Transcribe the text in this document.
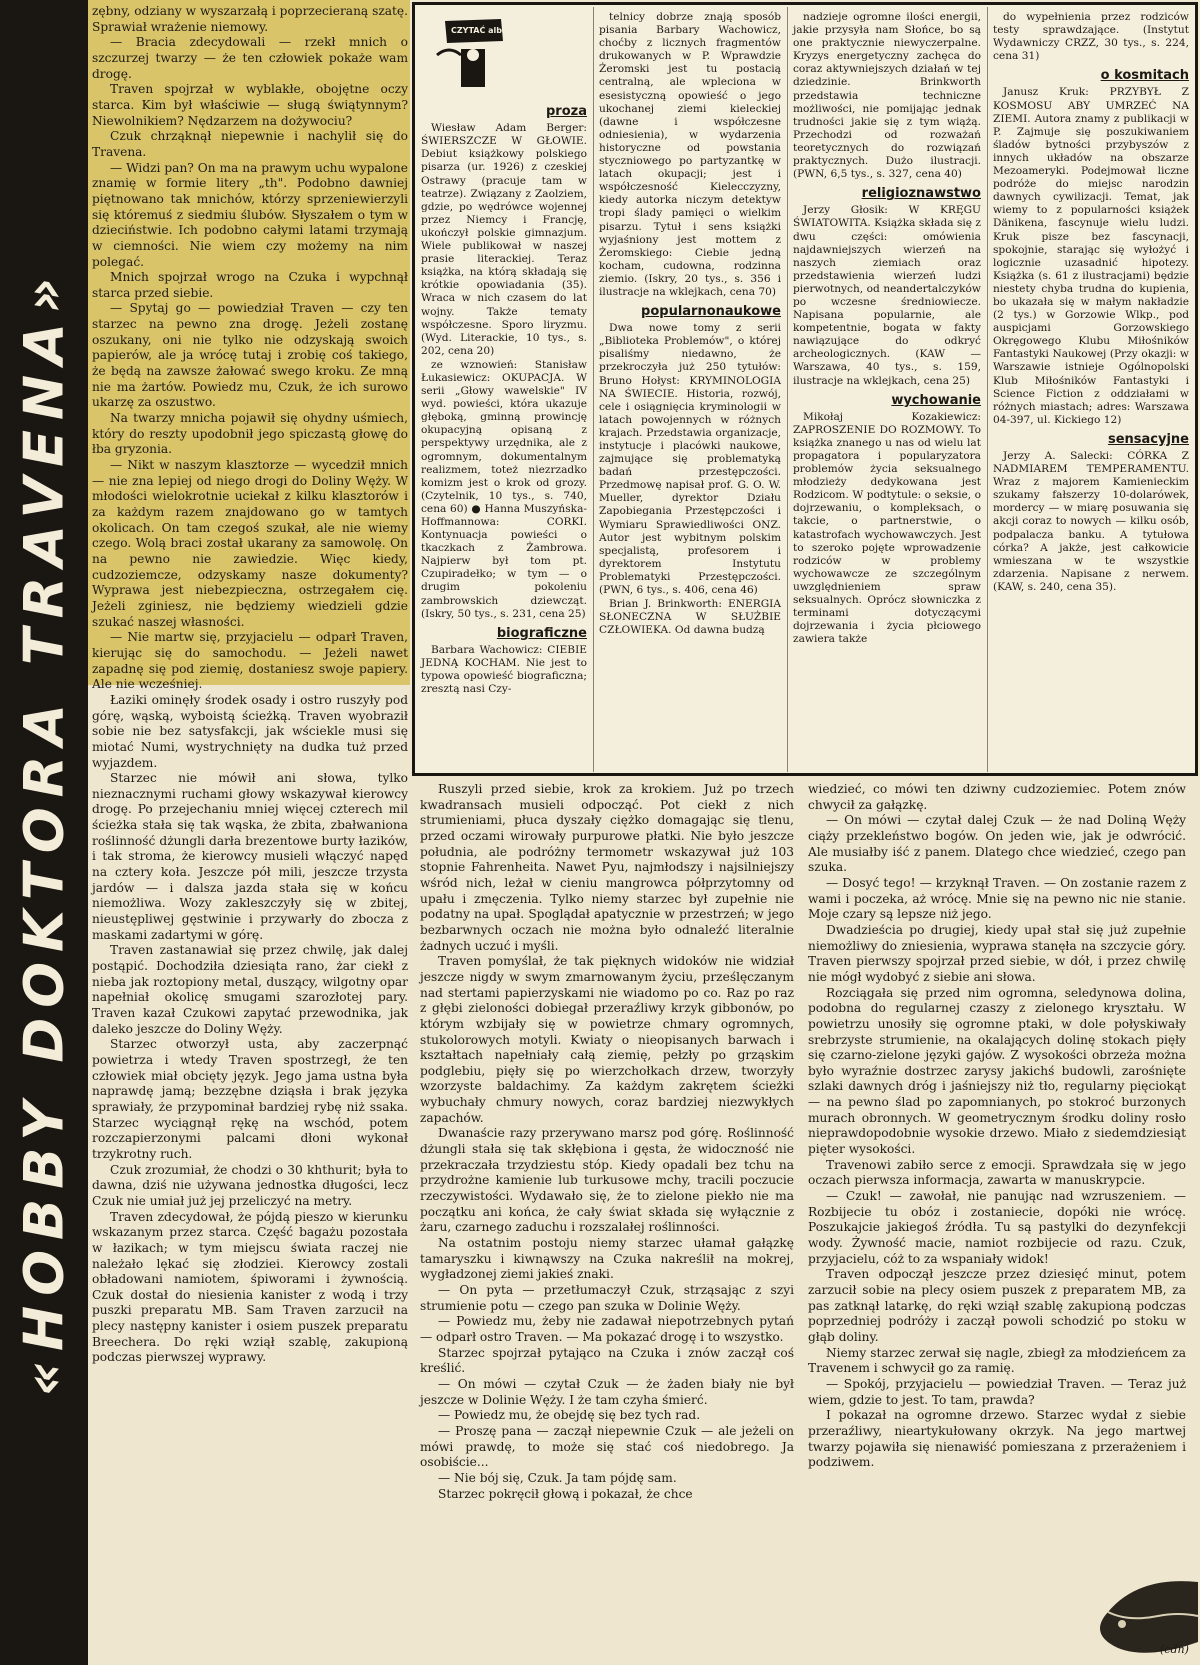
«HOBBY DOKTORA TRAVENA»

zębny, odziany w wyszarzałą i poprzecieraną szatę. Sprawiał wrażenie niemowy.

— Bracia zdecydowali — rzekł mnich o szczurzej twarzy — że ten człowiek pokaże wam drogę.

Traven spojrzał w wyblakłe, obojętne oczy starca. Kim był właściwie — sługą świątynnym? Niewolnikiem? Nędzarzem na dożywociu?

Czuk chrząknął niepewnie i nachylił się do Travena.

— Widzi pan? On ma na prawym uchu wypalone znamię w formie litery „th". Podobno dawniej piętnowano tak mnichów, którzy sprzeniewierzyli się któremuś z siedmiu ślubów. Słyszałem o tym w dzieciństwie. Ich podobno całymi latami trzymają w ciemności. Nie wiem czy możemy na nim polegać.

Mnich spojrzał wrogo na Czuka i wypchnął starca przed siebie.

— Spytaj go — powiedział Traven — czy ten starzec na pewno zna drogę. Jeżeli zostanę oszukany, oni nie tylko nie odzyskają swoich papierów, ale ja wrócę tutaj i zrobię coś takiego, że będą na zawsze żałować swego kroku. Ze mną nie ma żartów. Powiedz mu, Czuk, że ich surowo ukarzę za oszustwo.

Na twarzy mnicha pojawił się ohydny uśmiech, który do reszty upodobnił jego spiczastą głowę do łba gryzonia.

— Nikt w naszym klasztorze — wycedził mnich — nie zna lepiej od niego drogi do Doliny Węży. W młodości wielokrotnie uciekał z kilku klasztorów i za każdym razem znajdowano go w tamtych okolicach. On tam czegoś szukał, ale nie wiemy czego. Wolą braci został ukarany za samowolę. On na pewno nie zawiedzie. Więc kiedy, cudzoziemcze, odzyskamy nasze dokumenty? Wyprawa jest niebezpieczna, ostrzegałem cię. Jeżeli zginiesz, nie będziemy wiedzieli gdzie szukać naszej własności.

— Nie martw się, przyjacielu — odparł Traven, kierując się do samochodu. — Jeżeli nawet zapadnę się pod ziemię, dostaniesz swoje papiery. Ale nie wcześniej.

Łaziki ominęły środek osady i ostro ruszyły pod górę, wąską, wyboistą ścieżką. Traven wyobraził sobie nie bez satysfakcji, jak wściekle musi się miotać Numi, wystrychnięty na dudka tuż przed wyjazdem.

Starzec nie mówił ani słowa, tylko nieznacznymi ruchami głowy wskazywał kierowcy drogę. Po przejechaniu mniej więcej czterech mil ścieżka stała się tak wąska, że zbita, zbałwaniona roślinność dżungli darła brezentowe burty łazików, i tak stroma, że kierowcy musieli włączyć napęd na cztery koła. Jeszcze pół mili, jeszcze trzysta jardów — i dalsza jazda stała się w końcu niemożliwa. Wozy zakleszczyły się w zbitej, nieustępliwej gęstwinie i przywarły do zbocza z maskami zadartymi w górę.

Traven zastanawiał się przez chwilę, jak dalej postąpić. Dochodziła dziesiąta rano, żar ciekł z nieba jak roztopiony metal, duszący, wilgotny opar napełniał okolicę smugami szarozłotej pary. Traven kazał Czukowi zapytać przewodnika, jak daleko jeszcze do Doliny Węży.

Starzec otworzył usta, aby zaczerpnąć powietrza i wtedy Traven spostrzegł, że ten człowiek miał obcięty język. Jego jama ustna była naprawdę jamą; bezzębne dziąsła i brak języka sprawiały, że przypominał bardziej rybę niż ssaka. Starzec wyciągnął rękę na wschód, potem rozczapierzonymi palcami dłoni wykonał trzykrotny ruch.

Czuk zrozumiał, że chodzi o 30 khthurit; była to dawna, dziś nie używana jednostka długości, lecz Czuk nie umiał już jej przeliczyć na metry.

Traven zdecydował, że pójdą pieszo w kierunku wskazanym przez starca. Część bagażu pozostała w łazikach; w tym miejscu świata raczej nie należało lękać się złodziei. Kierowcy zostali obładowani namiotem, śpiworami i żywnością. Czuk dostał do niesienia kanister z wodą i trzy puszki preparatu MB. Sam Traven zarzucił na plecy następny kanister i osiem puszek preparatu Breechera. Do ręki wziął szablę, zakupioną podczas pierwszej wyprawy.

CZYTAĆ albo NIE CZYTAĆ
proza

Wiesław Adam Berger: ŚWIERSZCZE W GŁOWIE. Debiut książkowy polskiego pisarza (ur. 1926) z czeskiej Ostrawy (pracuje tam w teatrze). Związany z Zaolziem, gdzie, po wędrówce wojennej przez Niemcy i Francję, ukończył polskie gimnazjum. Wiele publikował w naszej prasie literackiej. Teraz książka, na którą składają się krótkie opowiadania (35). Wraca w nich czasem do lat wojny. Także tematy współczesne. Sporo liryzmu. (Wyd. Literackie, 10 tys., s. 202, cena 20)

ze wznowień: Stanisław Łukasiewicz: OKUPACJA. W serii „Głowy wawelskie" IV wyd. powieści, która ukazuje głęboką, gminną prowincję okupacyjną opisaną z perspektywy urzędnika, ale z ogromnym, dokumentalnym realizmem, toteż niezrzadko komizm jest o krok od grozy. (Czytelnik, 10 tys., s. 740, cena 60) ● Hanna Muszyńska-Hoffmannowa: CORKI. Kontynuacja powieści o tkaczkach z Żambrowa. Najpierw był tom pt. Czupiradełko; w tym — o drugim pokoleniu zambrowskich dziewcząt. (Iskry, 50 tys., s. 231, cena 25)

biograficzne

Barbara Wachowicz: CIEBIE JEDNĄ KOCHAM. Nie jest to typowa opowieść biograficzna; zresztą nasi Czy-

telnicy dobrze znają sposób pisania Barbary Wachowicz, choćby z licznych fragmentów drukowanych w P. Wprawdzie Żeromski jest tu postacią centralną, ale wpleciona w esesistyczną opowieść o jego ukochanej ziemi kieleckiej (dawne i współczesne odniesienia), w wydarzenia historyczne od powstania styczniowego po partyzantkę w latach okupacji; jest i współczesność Kielecczyzny, kiedy autorka niczym detektyw tropi ślady pamięci o wielkim pisarzu. Tytuł i sens książki wyjaśniony jest mottem z Żeromskiego: Ciebie jedną kocham, cudowna, rodzinna ziemio. (Iskry, 20 tys., s. 356 i ilustracje na wklejkach, cena 70)

popularnonaukowe

Dwa nowe tomy z serii „Biblioteka Problemów", o której pisaliśmy niedawno, że przekroczyła już 250 tytułów: Bruno Hołyst: KRYMINOLOGIA NA ŚWIECIE. Historia, rozwój, cele i osiągnięcia kryminologii w latach powojennych w różnych krajach. Przedstawia organizacje, instytucje i placówki naukowe, zajmujące się problematyką badań przestępczości. Przedmowę napisał prof. G. O. W. Mueller, dyrektor Działu Zapobiegania Przestępczości i Wymiaru Sprawiedliwości ONZ. Autor jest wybitnym polskim specjalistą, profesorem i dyrektorem Instytutu Problematyki Przestępczości. (PWN, 6 tys., s. 406, cena 46)

Brian J. Brinkworth: ENERGIA SŁONECZNA W SŁUŻBIE CZŁOWIEKA. Od dawna budzą

nadzieje ogromne ilości energii, jakie przysyła nam Słońce, bo są one praktycznie niewyczerpalne. Kryzys energetyczny zachęca do coraz aktywniejszych działań w tej dziedzinie. Brinkworth przedstawia techniczne możliwości, nie pomijając jednak trudności jakie się z tym wiążą. Przechodzi od rozważań teoretycznych do rozwiązań praktycznych. Dużo ilustracji. (PWN, 6,5 tys., s. 327, cena 40)

religioznawstwo

Jerzy Głosik: W KRĘGU ŚWIATOWITA. Książka składa się z dwu części: omówienia najdawniejszych wierzeń na naszych ziemiach oraz przedstawienia wierzeń ludzi pierwotnych, od neandertalczyków po wczesne średniowiecze. Napisana popularnie, ale kompetentnie, bogata w fakty nawiązujące do odkryć archeologicznych. (KAW — Warszawa, 40 tys., s. 159, ilustracje na wklejkach, cena 25)

wychowanie

Mikołaj Kozakiewicz: ZAPROSZENIE DO ROZMOWY. To książka znanego u nas od wielu lat propagatora i popularyzatora problemów życia seksualnego młodzieży dedykowana jest Rodzicom. W podtytule: o seksie, o dojrzewaniu, o kompleksach, o takcie, o partnerstwie, o katastrofach wychowawczych. Jest to szeroko pojęte wprowadzenie rodziców w problemy wychowawcze ze szczególnym uwzględnieniem spraw seksualnych. Oprócz słowniczka z terminami dotyczącymi dojrzewania i życia płciowego zawiera także

do wypełnienia przez rodziców testy sprawdzające. (Instytut Wydawniczy CRZZ, 30 tys., s. 224, cena 31)

o kosmitach

Janusz Kruk: PRZYBYŁ Z KOSMOSU ABY UMRZEĆ NA ZIEMI. Autora znamy z publikacji w P. Zajmuje się poszukiwaniem śladów bytności przybyszów z innych układów na obszarze Mezoameryki. Podejmował liczne podróże do miejsc narodzin dawnych cywilizacji. Temat, jak wiemy to z popularności książek Dänikena, fascynuje wielu ludzi. Kruk pisze bez fascynacji, spokojnie, starając się wyłożyć i logicznie uzasadnić hipotezy. Książka (s. 61 z ilustracjami) będzie niestety chyba trudna do kupienia, bo ukazała się w małym nakładzie (2 tys.) w Gorzowie Wlkp., pod auspicjami Gorzowskiego Okręgowego Klubu Miłośników Fantastyki Naukowej (Przy okazji: w Warszawie istnieje Ogólnopolski Klub Miłośników Fantastyki i Science Fiction z oddziałami w różnych miastach; adres: Warszawa 04-397, ul. Kickiego 12)

sensacyjne

Jerzy A. Salecki: CÓRKA Z NADMIAREM TEMPERAMENTU. Wraz z majorem Kamienieckim szukamy fałszerzy 10-dolarówek, mordercy — w miarę posuwania się akcji coraz to nowych — kilku osób, podpalacza banku. A tytułowa córka? A jakże, jest całkowicie wmieszana w te wszystkie zdarzenia. Napisane z nerwem. (KAW, s. 240, cena 35).

Ruszyli przed siebie, krok za krokiem. Już po trzech kwadransach musieli odpocząć. Pot ciekł z nich strumieniami, płuca dyszały ciężko domagając się tlenu, przed oczami wirowały purpurowe płatki. Nie było jeszcze południa, ale podróżny termometr wskazywał już 103 stopnie Fahrenheita. Nawet Pyu, najmłodszy i najsilniejszy wśród nich, leżał w cieniu mangrowca półprzytomny od upału i zmęczenia. Tylko niemy starzec był zupełnie nie podatny na upał. Spoglądał apatycznie w przestrzeń; w jego bezbarwnych oczach nie można było odnaleźć literalnie żadnych uczuć i myśli.

Traven pomyślał, że tak pięknych widoków nie widział jeszcze nigdy w swym zmarnowanym życiu, prześlęczanym nad stertami papierzyskami nie wiadomo po co. Raz po raz z głębi zieloności dobiegał przeraźliwy krzyk gibbonów, po którym wzbijały się w powietrze chmary ogromnych, stukolorowych motyli. Kwiaty o nieopisanych barwach i kształtach napełniały całą ziemię, pełzły po grząskim podglebiu, pięły się po wierzchołkach drzew, tworzyły wzorzyste baldachimy. Za każdym zakrętem ścieżki wybuchały chmury nowych, coraz bardziej niezwykłych zapachów.

Dwanaście razy przerywano marsz pod górę. Roślinność dżungli stała się tak skłębiona i gęsta, że widoczność nie przekraczała trzydziestu stóp. Kiedy opadali bez tchu na przydrożne kamienie lub turkusowe mchy, tracili poczucie rzeczywistości. Wydawało się, że to zielone piekło nie ma początku ani końca, że cały świat składa się wyłącznie z żaru, czarnego zaduchu i rozszalałej roślinności.

Na ostatnim postoju niemy starzec ułamał gałązkę tamaryszku i kiwnąwszy na Czuka nakreślił na mokrej, wygładzonej ziemi jakieś znaki.

— On pyta — przetłumaczył Czuk, strząsając z szyi strumienie potu — czego pan szuka w Dolinie Węży.

— Powiedz mu, żeby nie zadawał niepotrzebnych pytań — odparł ostro Traven. — Ma pokazać drogę i to wszystko.

Starzec spojrzał pytająco na Czuka i znów zaczął coś kreślić.

— On mówi — czytał Czuk — że żaden biały nie był jeszcze w Dolinie Węży. I że tam czyha śmierć.

— Powiedz mu, że obejdę się bez tych rad.

— Proszę pana — zaczął niepewnie Czuk — ale jeżeli on mówi prawdę, to może się stać coś niedobrego. Ja osobiście...

— Nie bój się, Czuk. Ja tam pójdę sam.

Starzec pokręcił głową i pokazał, że chce

wiedzieć, co mówi ten dziwny cudzoziemiec. Potem znów chwycił za gałązkę.

— On mówi — czytał dalej Czuk — że nad Doliną Węży ciąży przekleństwo bogów. On jeden wie, jak je odwrócić. Ale musiałby iść z panem. Dlatego chce wiedzieć, czego pan szuka.

— Dosyć tego! — krzyknął Traven. — On zostanie razem z wami i poczeka, aż wrócę. Mnie się na pewno nic nie stanie. Moje czary są lepsze niż jego.

Dwadzieścia po drugiej, kiedy upał stał się już zupełnie niemożliwy do zniesienia, wyprawa stanęła na szczycie góry. Traven pierwszy spojrzał przed siebie, w dół, i przez chwilę nie mógł wydobyć z siebie ani słowa.

Rozciągała się przed nim ogromna, seledynowa dolina, podobna do regularnej czaszy z zielonego kryształu. W powietrzu unosiły się ogromne ptaki, w dole połyskiwały srebrzyste strumienie, na okalających dolinę stokach pięły się czarno-zielone języki gajów. Z wysokości obrzeża można było wyraźnie dostrzec zarysy jakichś budowli, zarośnięte szlaki dawnych dróg i jaśniejszy niż tło, regularny pięciokąt — na pewno ślad po zapomnianych, po stokroć burzonych murach obronnych. W geometrycznym środku doliny rosło nieprawdopodobnie wysokie drzewo. Miało z siedemdziesiąt pięter wysokości.

Travenowi zabiło serce z emocji. Sprawdzała się w jego oczach pierwsza informacja, zawarta w manuskrypcie.

— Czuk! — zawołał, nie panując nad wzruszeniem. — Rozbijecie tu obóz i zostaniecie, dopóki nie wrócę. Poszukajcie jakiegoś źródła. Tu są pastylki do dezynfekcji wody. Żywność macie, namiot rozbijecie od razu. Czuk, przyjacielu, cóż to za wspaniały widok!

Traven odpoczął jeszcze przez dziesięć minut, potem zarzucił sobie na plecy osiem puszek z preparatem MB, za pas zatknął latarkę, do ręki wziął szablę zakupioną podczas poprzedniej podróży i zaczął powoli schodzić po stoku w głąb doliny.

Niemy starzec zerwał się nagle, zbiegł za młodzieńcem za Travenem i schwycił go za ramię.

— Spokój, przyjacielu — powiedział Traven. — Teraz już wiem, gdzie to jest. To tam, prawda?

I pokazał na ogromne drzewo. Starzec wydał z siebie przeraźliwy, nieartykułowany okrzyk. Na jego martwej twarzy pojawiła się nienawiść pomieszana z przerażeniem i podziwem.

(cdn)
